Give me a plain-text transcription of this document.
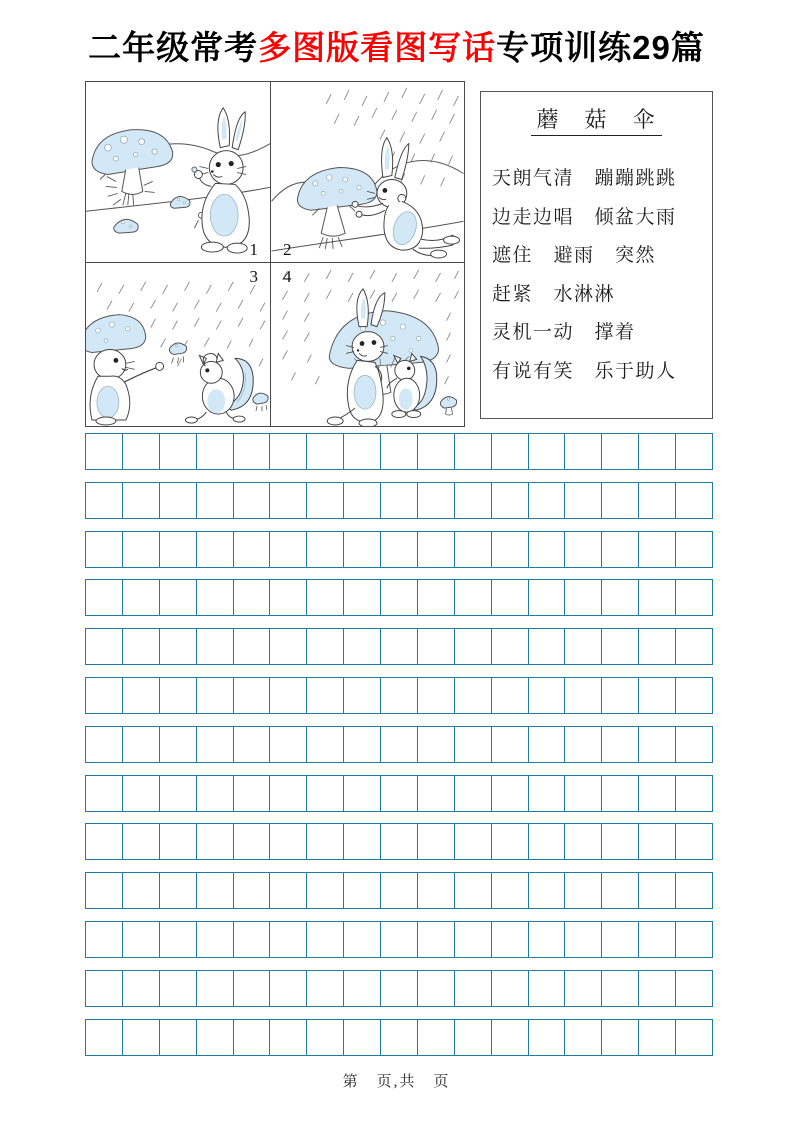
二年级常考多图版看图写话专项训练29篇
1 2
3 4
蘑　菇　伞
天朗气清　蹦蹦跳跳
边走边唱　倾盆大雨
遮住　避雨　突然
赶紧　水淋淋
灵机一动　撑着
有说有笑　乐于助人
第　页,共　页
